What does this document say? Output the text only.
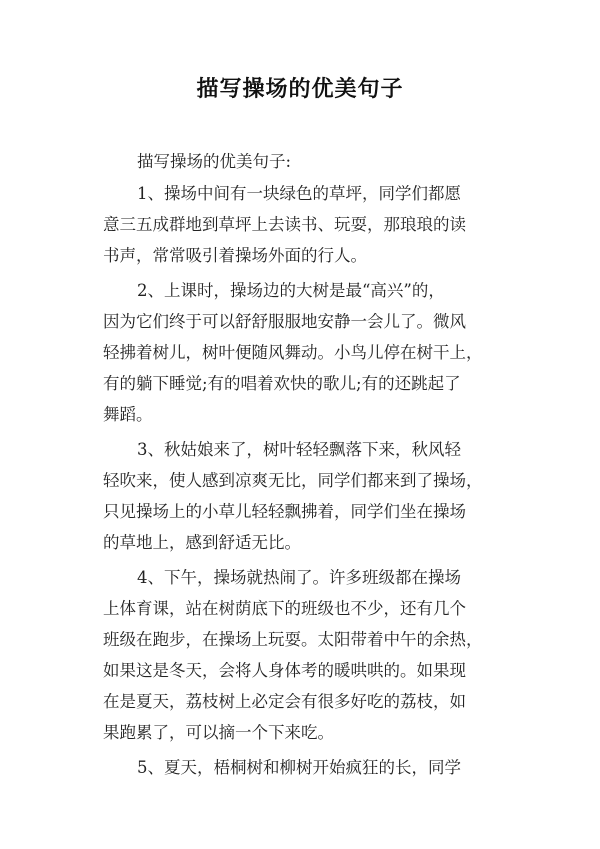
描写操场的优美句子
描写操场的优美句子:
1、操场中间有一块绿色的草坪，同学们都愿
意三五成群地到草坪上去读书、玩耍，那琅琅的读
书声，常常吸引着操场外面的行人。
2、上课时，操场边的大树是最“高兴”的，
因为它们终于可以舒舒服服地安静一会儿了。微风
轻拂着树儿，树叶便随风舞动。小鸟儿停在树干上，
有的躺下睡觉;有的唱着欢快的歌儿;有的还跳起了
舞蹈。
3、秋姑娘来了，树叶轻轻飘落下来，秋风轻
轻吹来，使人感到凉爽无比，同学们都来到了操场，
只见操场上的小草儿轻轻飘拂着，同学们坐在操场
的草地上，感到舒适无比。
4、下午，操场就热闹了。许多班级都在操场
上体育课，站在树荫底下的班级也不少，还有几个
班级在跑步，在操场上玩耍。太阳带着中午的余热，
如果这是冬天，会将人身体考的暖哄哄的。如果现
在是夏天，荔枝树上必定会有很多好吃的荔枝，如
果跑累了，可以摘一个下来吃。
5、夏天，梧桐树和柳树开始疯狂的长，同学
